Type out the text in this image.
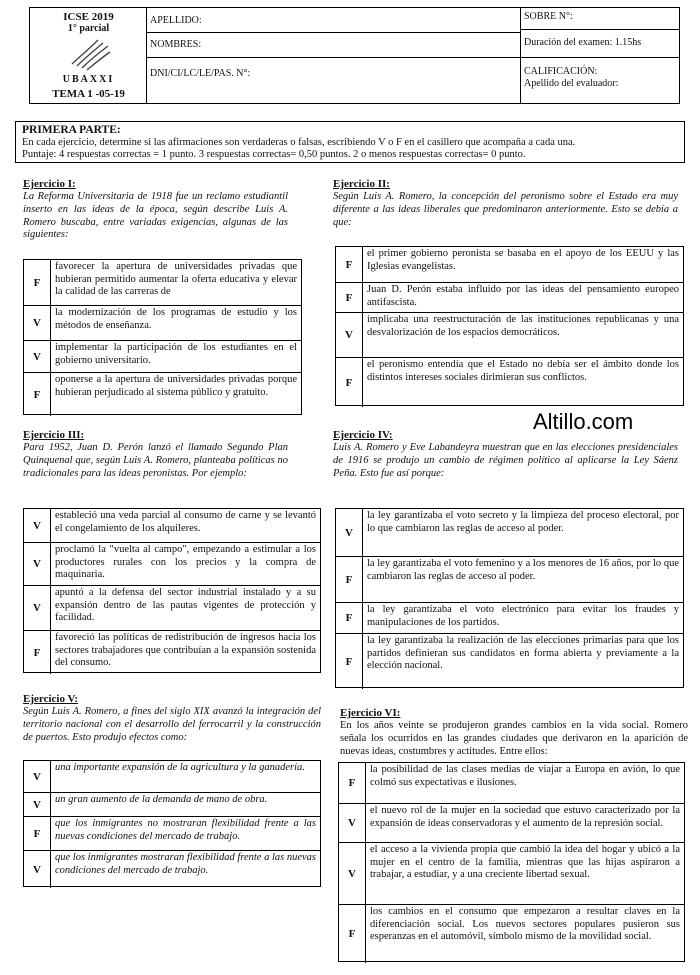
ICSE 2019
1° parcial
UBAXXI
TEMA 1 -05-19
APELLIDO:
NOMBRES:
DNI/CI/LC/LE/PAS. N°:
SOBRE N°:
Duración del examen: 1.15hs
CALIFICACIÓN:
Apellido del evaluador:
PRIMERA PARTE:
En cada ejercicio, determine si las afirmaciones son verdaderas o falsas, escribiendo V o F en el casillero que acompaña a cada una.
Puntaje: 4 respuestas correctas = 1 punto. 3 respuestas correctas= 0,50 puntos. 2 o menos respuestas correctas= 0 punto.
Altillo.com
Ejercicio I:
La Reforma Universitaria de 1918 fue un reclamo estudiantil inserto en las ideas de la época, según describe Luis A. Romero buscaba, entre variadas exigencias, algunas de las siguientes:
F
favorecer la apertura de universidades privadas que hubieran permitido aumentar la oferta educativa y elevar la calidad de las carreras de
V
la modernización de los programas de estudio y los métodos de enseñanza.
V
implementar la participación de los estudiantes en el gobierno universitario.
F
oponerse a la apertura de universidades privadas porque hubieran perjudicado al sistema público y gratuito.
Ejercicio II:
Según Luis A. Romero, la concepción del peronismo sobre el Estado era muy diferente a las ideas liberales que predominaron anteriormente. Esto se debía a que:
F
el primer gobierno peronista se basaba en el apoyo de los EEUU y las Iglesias evangelistas.
F
Juan D. Perón estaba influido por las ideas del pensamiento europeo antifascista.
V
implicaba una reestructuración de las instituciones republicanas y una desvalorización de los espacios democráticos.
F
el peronismo entendía que el Estado no debía ser el ámbito donde los distintos intereses sociales dirimieran sus conflictos.
Ejercicio III:
Para 1952, Juan D. Perón lanzó el llamado Segundo Plan Quinquenal que, según Luis A. Romero, planteaba políticas no tradicionales para las ideas peronistas. Por ejemplo:
V
estableció una veda parcial al consumo de carne y se levantó el congelamiento de los alquileres.
V
proclamó la "vuelta al campo", empezando a estimular a los productores rurales con los precios y la compra de maquinaria.
V
apuntó a la defensa del sector industrial instalado y a su expansión dentro de las pautas vigentes de protección y facilidad.
F
favoreció las políticas de redistribución de ingresos hacia los sectores trabajadores que contribuían a la expansión sostenida del consumo.
Ejercicio IV:
Luis A. Romero y Eve Labandeyra muestran que en las elecciones presidenciales de 1916 se produjo un cambio de régimen político al aplicarse la Ley Sáenz Peña. Esto fue así porque:
V
la ley garantizaba el voto secreto y la limpieza del proceso electoral, por lo que cambiaron las reglas de acceso al poder.
F
la ley garantizaba el voto femenino y a los menores de 16 años, por lo que cambiaron las reglas de acceso al poder.
F
la ley garantizaba el voto electrónico para evitar los fraudes y manipulaciones de los partidos.
F
la ley garantizaba la realización de las elecciones primarias para que los partidos definieran sus candidatos en forma abierta y previamente a la elección nacional.
Ejercicio V:
Según Luis A. Romero, a fines del siglo XIX avanzó la integración del territorio nacional con el desarrollo del ferrocarril y la construcción de puertos. Esto produjo efectos como:
V
una importante expansión de la agricultura y la ganadería.
V	un gran aumento de la demanda de mano de obra.
F
que los inmigrantes no mostraran flexibilidad frente a las nuevas condiciones del mercado de trabajo.
V
que los inmigrantes mostraran flexibilidad frente a las nuevas condiciones del mercado de trabajo.
Ejercicio VI:
En los años veinte se produjeron grandes cambios en la vida social. Romero señala los ocurridos en las grandes ciudades que derivaron en la aparición de nuevas ideas, costumbres y actitudes. Entre ellos:
F
la posibilidad de las clases medias de viajar a Europa en avión, lo que colmó sus expectativas e ilusiones.
V
el nuevo rol de la mujer en la sociedad que estuvo caracterizado por la expansión de ideas conservadoras y el aumento de la represión social.
V
el acceso a la vivienda propia que cambió la idea del hogar y ubicó a la mujer en el centro de la familia, mientras que las hijas aspiraron a trabajar, a estudiar, y a una creciente libertad sexual.
F
los cambios en el consumo que empezaron a resultar claves en la diferenciación social. Los nuevos sectores populares pusieron sus esperanzas en el automóvil, símbolo mismo de la movilidad social.
